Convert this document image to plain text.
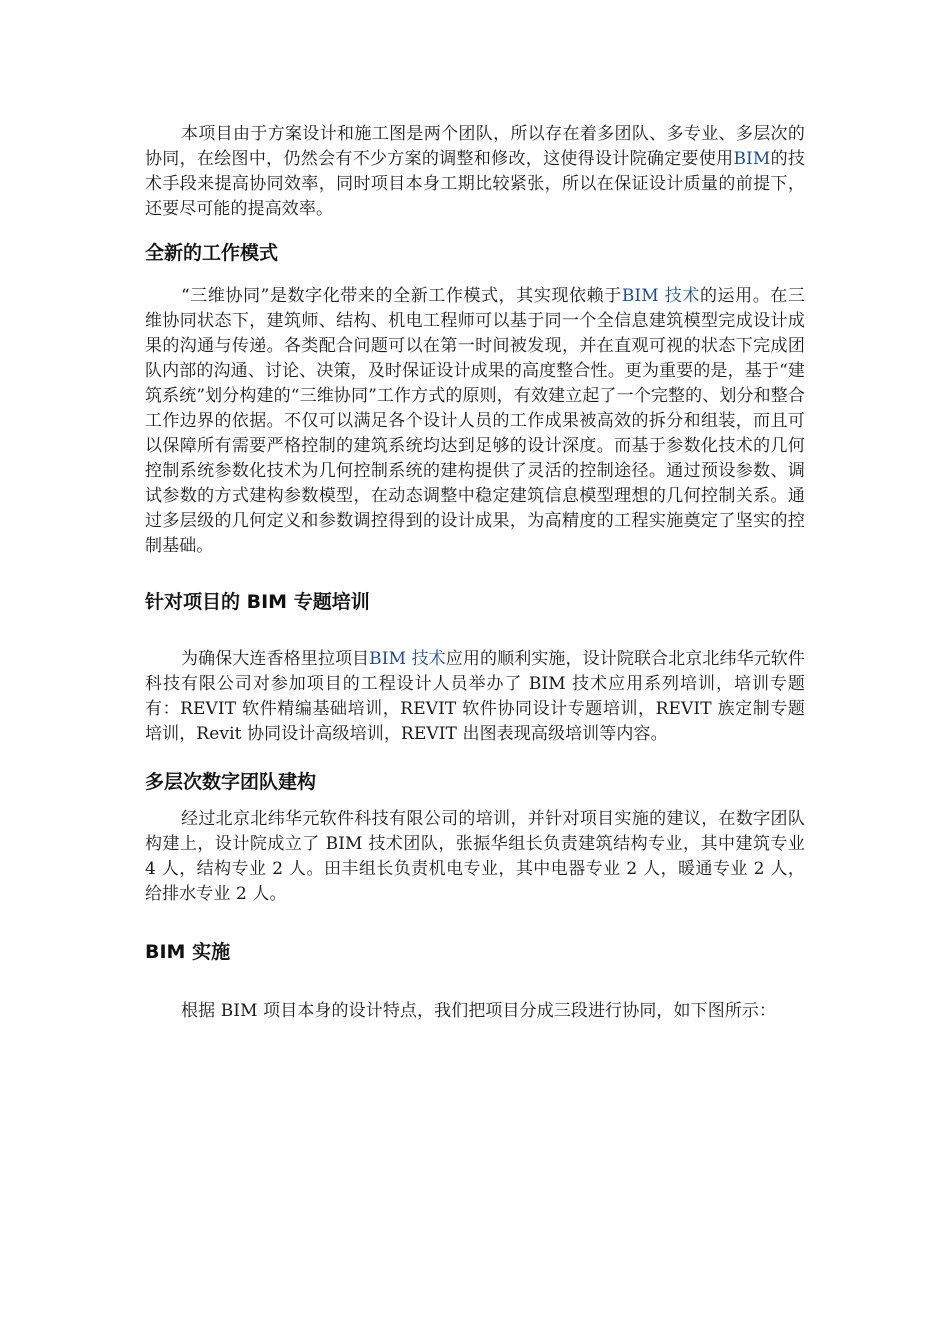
本项目由于方案设计和施工图是两个团队，所以存在着多团队、多专业、多层次的协同，在绘图中，仍然会有不少方案的调整和修改，这使得设计院确定要使用BIM的技术手段来提高协同效率，同时项目本身工期比较紧张，所以在保证设计质量的前提下，还要尽可能的提高效率。

全新的工作模式

“三维协同”是数字化带来的全新工作模式，其实现依赖于BIM 技术的运用。在三维协同状态下，建筑师、结构、机电工程师可以基于同一个全信息建筑模型完成设计成果的沟通与传递。各类配合问题可以在第一时间被发现，并在直观可视的状态下完成团队内部的沟通、讨论、决策，及时保证设计成果的高度整合性。更为重要的是，基于“建筑系统”划分构建的“三维协同”工作方式的原则，有效建立起了一个完整的、划分和整合工作边界的依据。不仅可以满足各个设计人员的工作成果被高效的拆分和组装，而且可以保障所有需要严格控制的建筑系统均达到足够的设计深度。而基于参数化技术的几何控制系统参数化技术为几何控制系统的建构提供了灵活的控制途径。通过预设参数、调试参数的方式建构参数模型，在动态调整中稳定建筑信息模型理想的几何控制关系。通过多层级的几何定义和参数调控得到的设计成果，为高精度的工程实施奠定了坚实的控制基础。

针对项目的 BIM 专题培训

为确保大连香格里拉项目BIM 技术应用的顺利实施，设计院联合北京北纬华元软件科技有限公司对参加项目的工程设计人员举办了 BIM 技术应用系列培训，培训专题有：REVIT 软件精编基础培训，REVIT 软件协同设计专题培训，REVIT 族定制专题培训，Revit 协同设计高级培训，REVIT 出图表现高级培训等内容。

多层次数字团队建构

经过北京北纬华元软件科技有限公司的培训，并针对项目实施的建议，在数字团队构建上，设计院成立了 BIM 技术团队，张振华组长负责建筑结构专业，其中建筑专业 4 人，结构专业 2 人。田丰组长负责机电专业，其中电器专业 2 人，暖通专业 2 人，给排水专业 2 人。

BIM 实施

根据 BIM 项目本身的设计特点，我们把项目分成三段进行协同，如下图所示：
